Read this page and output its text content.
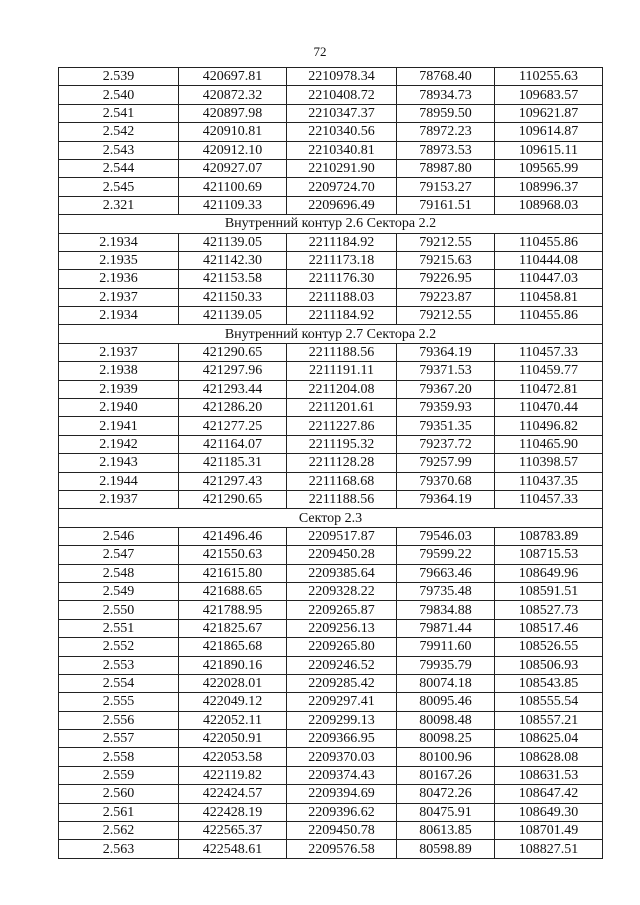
72
2.539	420697.81	2210978.34	78768.40	110255.63
2.540	420872.32	2210408.72	78934.73	109683.57
2.541	420897.98	2210347.37	78959.50	109621.87
2.542	420910.81	2210340.56	78972.23	109614.87
2.543	420912.10	2210340.81	78973.53	109615.11
2.544	420927.07	2210291.90	78987.80	109565.99
2.545	421100.69	2209724.70	79153.27	108996.37
2.321	421109.33	2209696.49	79161.51	108968.03
Внутренний контур 2.6 Сектора 2.2				
2.1934	421139.05	2211184.92	79212.55	110455.86
2.1935	421142.30	2211173.18	79215.63	110444.08
2.1936	421153.58	2211176.30	79226.95	110447.03
2.1937	421150.33	2211188.03	79223.87	110458.81
2.1934	421139.05	2211184.92	79212.55	110455.86
Внутренний контур 2.7 Сектора 2.2				
2.1937	421290.65	2211188.56	79364.19	110457.33
2.1938	421297.96	2211191.11	79371.53	110459.77
2.1939	421293.44	2211204.08	79367.20	110472.81
2.1940	421286.20	2211201.61	79359.93	110470.44
2.1941	421277.25	2211227.86	79351.35	110496.82
2.1942	421164.07	2211195.32	79237.72	110465.90
2.1943	421185.31	2211128.28	79257.99	110398.57
2.1944	421297.43	2211168.68	79370.68	110437.35
2.1937	421290.65	2211188.56	79364.19	110457.33
Сектор 2.3				
2.546	421496.46	2209517.87	79546.03	108783.89
2.547	421550.63	2209450.28	79599.22	108715.53
2.548	421615.80	2209385.64	79663.46	108649.96
2.549	421688.65	2209328.22	79735.48	108591.51
2.550	421788.95	2209265.87	79834.88	108527.73
2.551	421825.67	2209256.13	79871.44	108517.46
2.552	421865.68	2209265.80	79911.60	108526.55
2.553	421890.16	2209246.52	79935.79	108506.93
2.554	422028.01	2209285.42	80074.18	108543.85
2.555	422049.12	2209297.41	80095.46	108555.54
2.556	422052.11	2209299.13	80098.48	108557.21
2.557	422050.91	2209366.95	80098.25	108625.04
2.558	422053.58	2209370.03	80100.96	108628.08
2.559	422119.82	2209374.43	80167.26	108631.53
2.560	422424.57	2209394.69	80472.26	108647.42
2.561	422428.19	2209396.62	80475.91	108649.30
2.562	422565.37	2209450.78	80613.85	108701.49
2.563	422548.61	2209576.58	80598.89	108827.51
